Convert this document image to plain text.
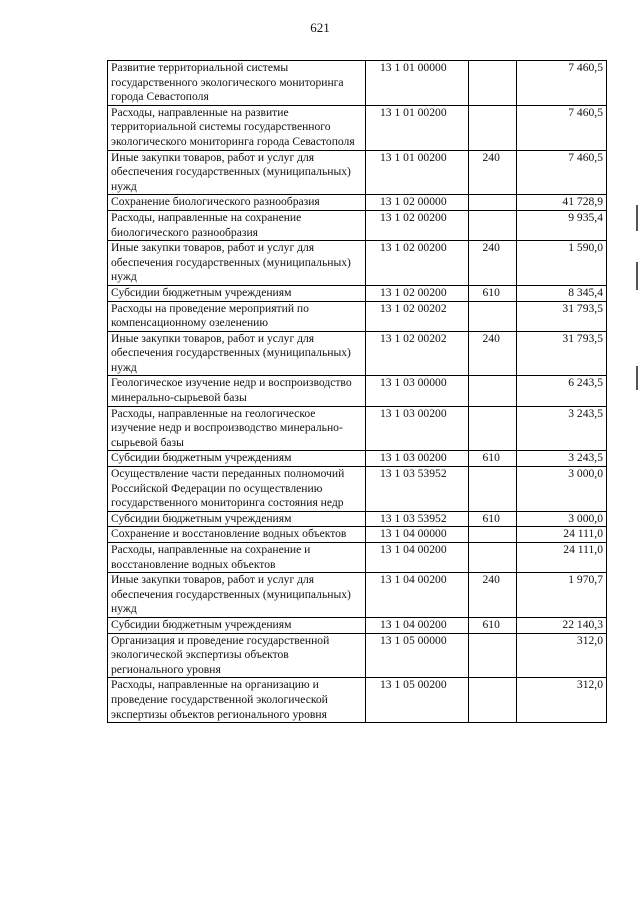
621
Развитие территориальной системы государственного экологического мониторинга города Севастополя	13 1 01 00000		7 460,5
Расходы, направленные на развитие территориальной системы государственного экологического мониторинга города Севастополя	13 1 01 00200		7 460,5
Иные закупки товаров, работ и услуг для обеспечения государственных (муниципальных) нужд	13 1 01 00200	240	7 460,5
Сохранение биологического разнообразия	13 1 02 00000		41 728,9
Расходы, направленные на сохранение биологического разнообразия	13 1 02 00200		9 935,4
Иные закупки товаров, работ и услуг для обеспечения государственных (муниципальных) нужд	13 1 02 00200	240	1 590,0
Субсидии бюджетным учреждениям	13 1 02 00200	610	8 345,4
Расходы на проведение мероприятий по компенсационному озеленению	13 1 02 00202		31 793,5
Иные закупки товаров, работ и услуг для обеспечения государственных (муниципальных) нужд	13 1 02 00202	240	31 793,5
Геологическое изучение недр и воспроизводство минерально-сырьевой базы	13 1 03 00000		6 243,5
Расходы, направленные на геологическое изучение недр и воспроизводство минерально-сырьевой базы	13 1 03 00200		3 243,5
Субсидии бюджетным учреждениям	13 1 03 00200	610	3 243,5
Осуществление части переданных полномочий Российской Федерации по осуществлению государственного мониторинга состояния недр	13 1 03 53952		3 000,0
Субсидии бюджетным учреждениям	13 1 03 53952	610	3 000,0
Сохранение и восстановление водных объектов	13 1 04 00000		24 111,0
Расходы, направленные на сохранение и восстановление водных объектов	13 1 04 00200		24 111,0
Иные закупки товаров, работ и услуг для обеспечения государственных (муниципальных) нужд	13 1 04 00200	240	1 970,7
Субсидии бюджетным учреждениям	13 1 04 00200	610	22 140,3
Организация и проведение государственной экологической экспертизы объектов регионального уровня	13 1 05 00000		312,0
Расходы, направленные на организацию и проведение государственной экологической экспертизы объектов регионального уровня	13 1 05 00200		312,0
